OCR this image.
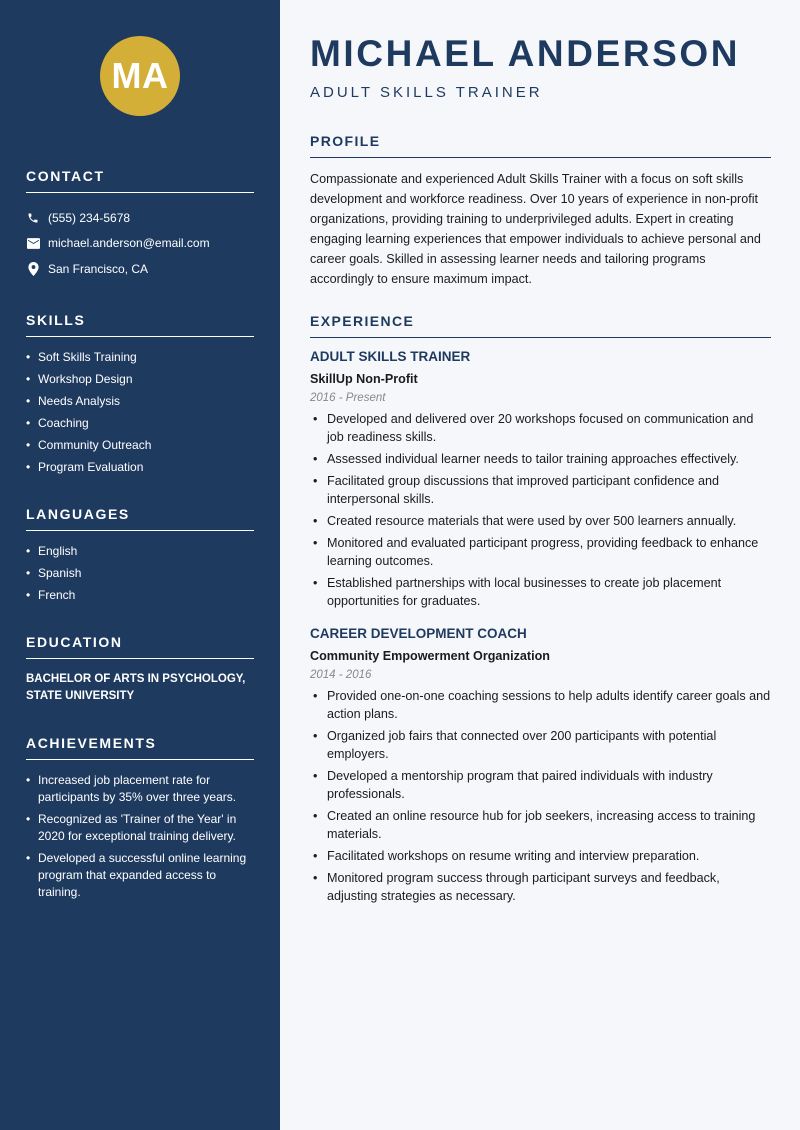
MA
CONTACT
(555) 234-5678
michael.anderson@email.com
San Francisco, CA
SKILLS
• Soft Skills Training
• Workshop Design
• Needs Analysis
• Coaching
• Community Outreach
• Program Evaluation
LANGUAGES
• English
• Spanish
• French
EDUCATION

BACHELOR OF ARTS IN PSYCHOLOGY, STATE UNIVERSITY

ACHIEVEMENTS
• Increased job placement rate for participants by 35% over three years.
• Recognized as 'Trainer of the Year' in 2020 for exceptional training delivery.
• Developed a successful online learning program that expanded access to training.
MICHAEL ANDERSON
ADULT SKILLS TRAINER
PROFILE

Compassionate and experienced Adult Skills Trainer with a focus on soft skills development and workforce readiness. Over 10 years of experience in non-profit organizations, providing training to underprivileged adults. Expert in creating engaging learning experiences that empower individuals to achieve personal and career goals. Skilled in assessing learner needs and tailoring programs accordingly to ensure maximum impact.

EXPERIENCE
ADULT SKILLS TRAINER
SkillUp Non-Profit
2016 - Present
• Developed and delivered over 20 workshops focused on communication and job readiness skills.
• Assessed individual learner needs to tailor training approaches effectively.
• Facilitated group discussions that improved participant confidence and interpersonal skills.
• Created resource materials that were used by over 500 learners annually.
• Monitored and evaluated participant progress, providing feedback to enhance learning outcomes.
• Established partnerships with local businesses to create job placement opportunities for graduates.
CAREER DEVELOPMENT COACH
Community Empowerment Organization
2014 - 2016
• Provided one-on-one coaching sessions to help adults identify career goals and action plans.
• Organized job fairs that connected over 200 participants with potential employers.
• Developed a mentorship program that paired individuals with industry professionals.
• Created an online resource hub for job seekers, increasing access to training materials.
• Facilitated workshops on resume writing and interview preparation.
• Monitored program success through participant surveys and feedback, adjusting strategies as necessary.
